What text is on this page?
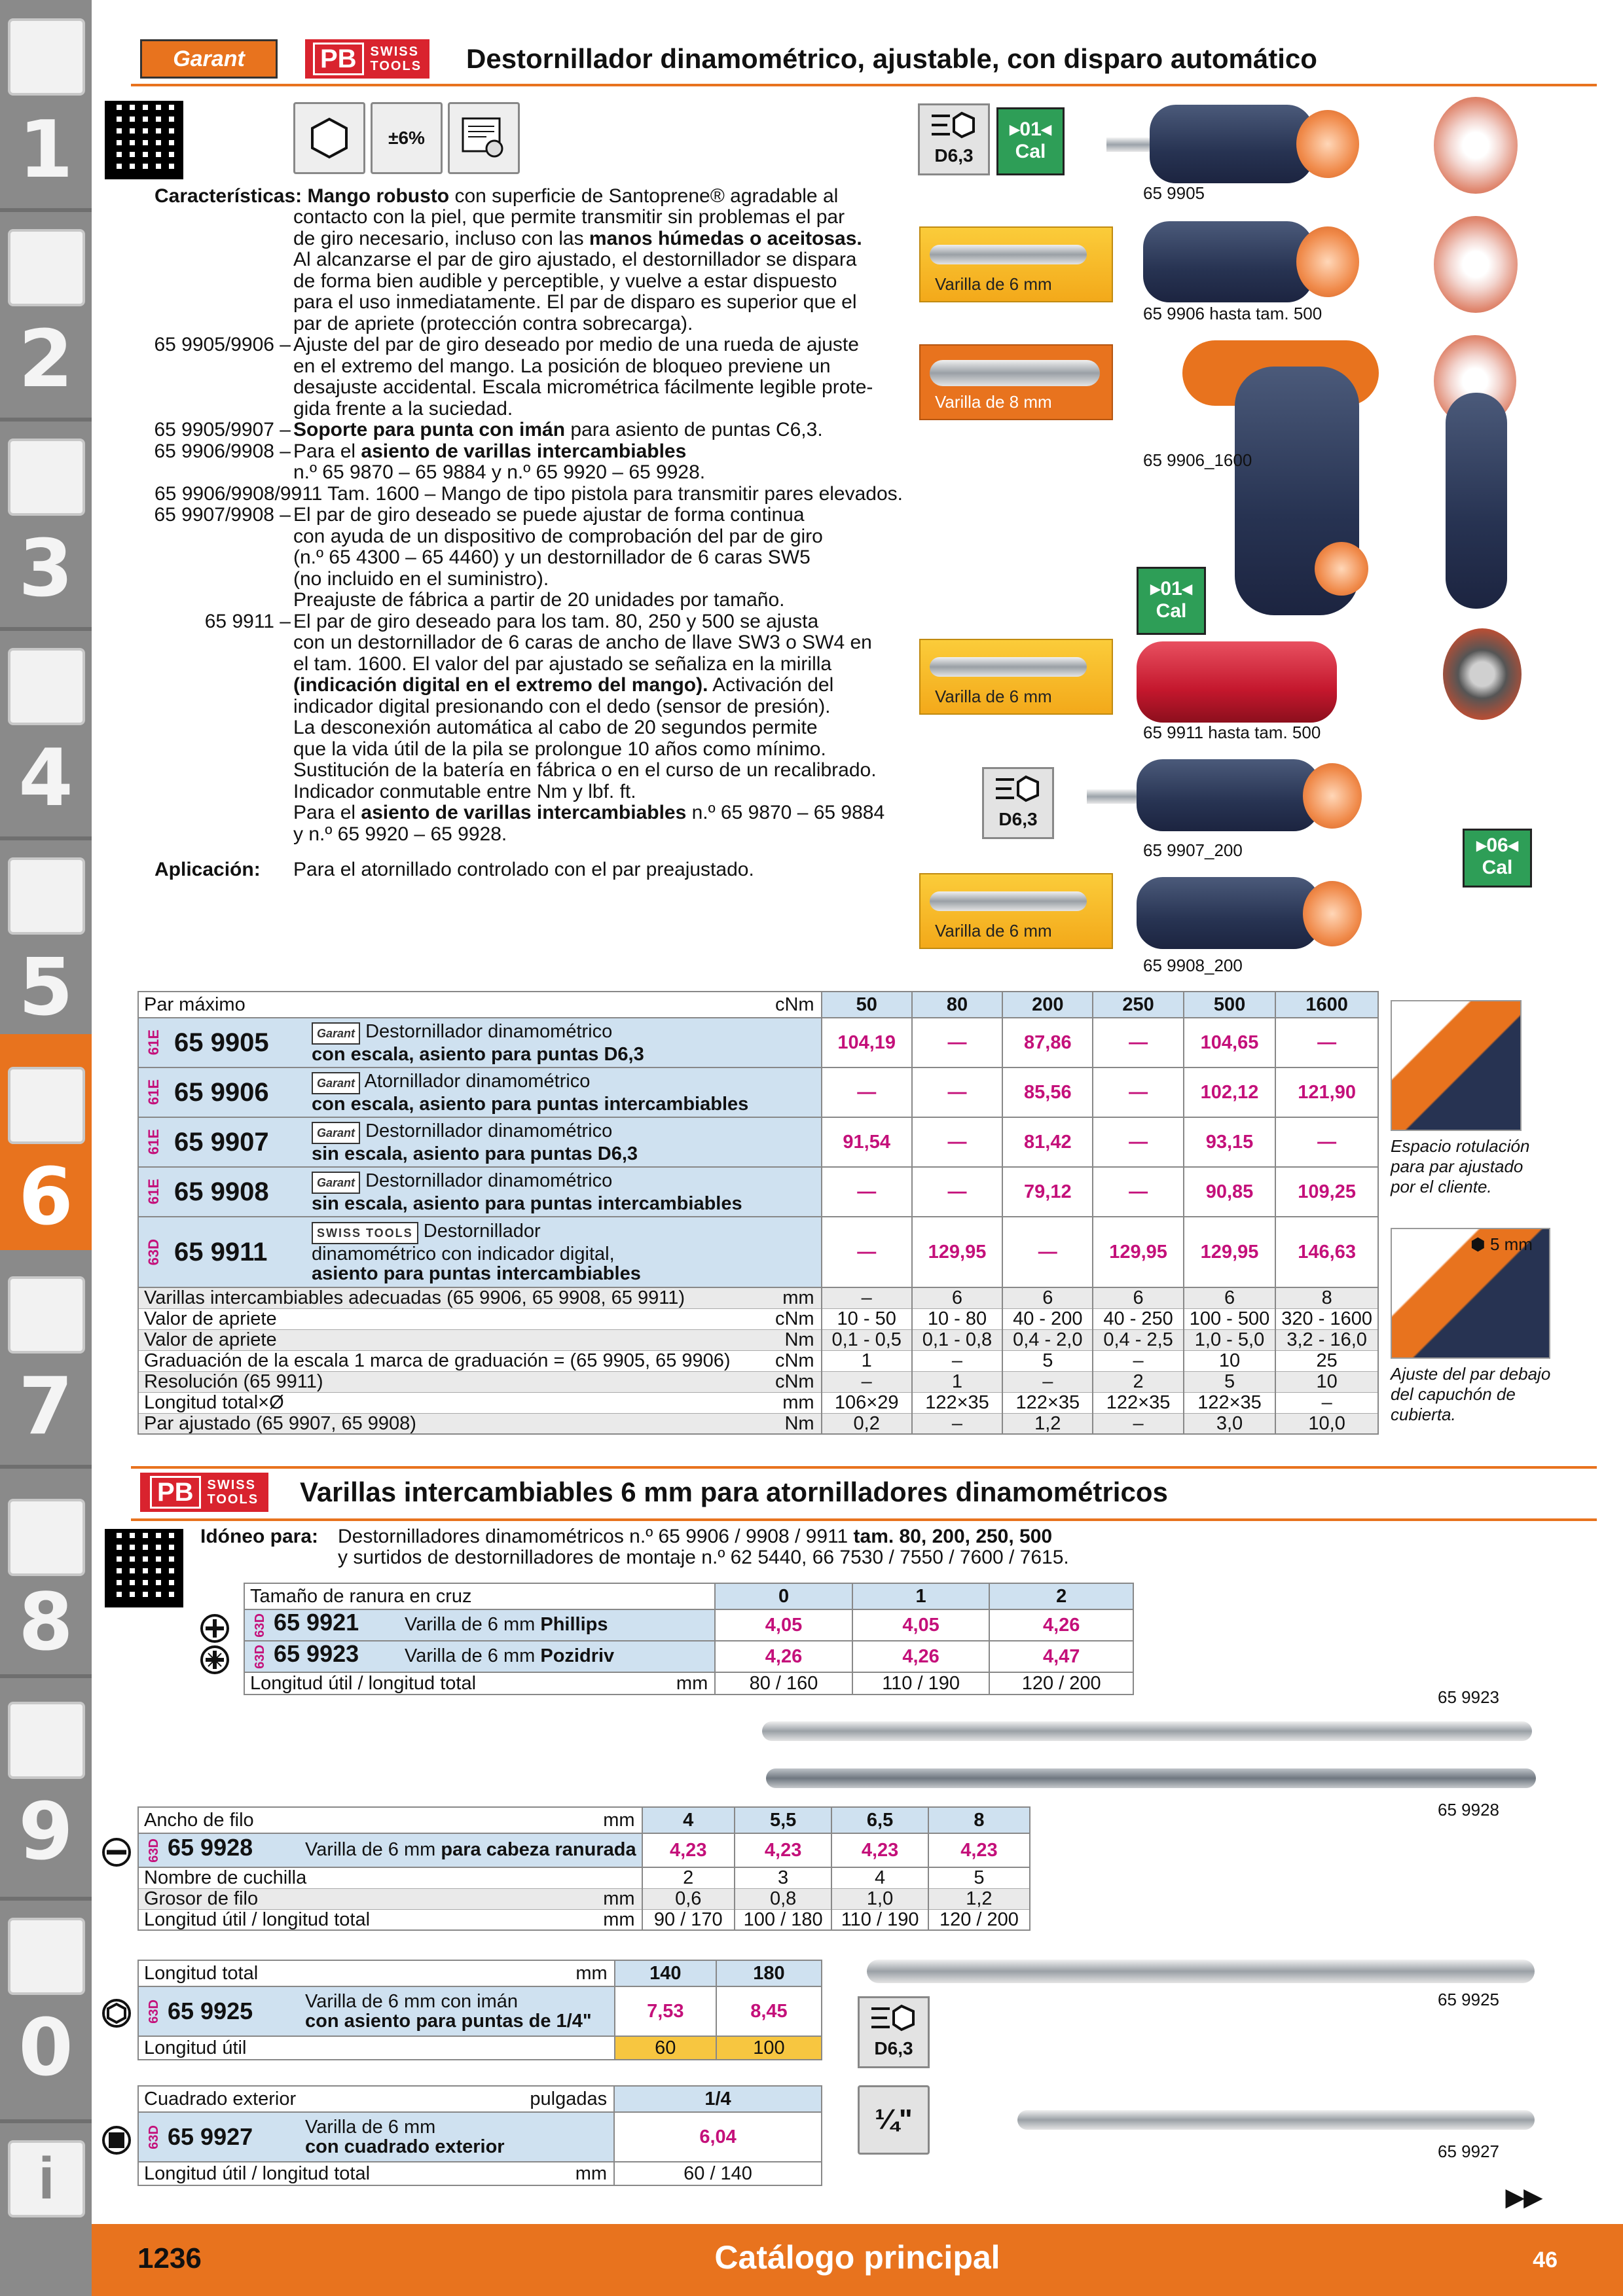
1
2
3
4
5
6
7
8
9
0
i
Garant	PB	SWISS
TOOLS Destornillador dinamométrico, ajustable, con disparo automático
±6%
Características: Mango robusto con superficie de Santoprene® agradable al
contacto con la piel, que permite transmitir sin problemas el par
de giro necesario, incluso con las manos húmedas o aceitosas.
Al alcanzarse el par de giro ajustado, el destornillador se dispara
de forma bien audible y perceptible, y vuelve a estar dispuesto
para el uso inmediatamente. El par de disparo es superior que el
par de apriete (protección contra sobrecarga).
65 9905/9906 – Ajuste del par de giro deseado por medio de una rueda de ajuste
en el extremo del mango. La posición de bloqueo previene un
desajuste accidental. Escala micrométrica fácilmente legible prote-
gida frente a la suciedad.
65 9905/9907 – Soporte para punta con imán para asiento de puntas C6,3.
65 9906/9908 – Para el asiento de varillas intercambiables
n.º 65 9870 – 65 9884 y n.º 65 9920 – 65 9928.
65 9906/9908/9911 Tam. 1600 – Mango de tipo pistola para transmitir pares elevados.
65 9907/9908 – El par de giro deseado se puede ajustar de forma continua
con ayuda de un dispositivo de comprobación del par de giro
(n.º 65 4300 – 65 4460) y un destornillador de 6 caras SW5
(no incluido en el suministro).
Preajuste de fábrica a partir de 20 unidades por tamaño.
65 9911 – El par de giro deseado para los tam. 80, 250 y 500 se ajusta
con un destornillador de 6 caras de ancho de llave SW3 o SW4 en
el tam. 1600. El valor del par ajustado se señaliza en la mirilla
(indicación digital en el extremo del mango). Activación del
indicador digital presionando con el dedo (sensor de presión).
La desconexión automática al cabo de 20 segundos permite
que la vida útil de la pila se prolongue 10 años como mínimo.
Sustitución de la batería en fábrica o en el curso de un recalibrado.
Indicador conmutable entre Nm y lbf. ft.
Para el asiento de varillas intercambiables n.º 65 9870 – 65 9884
y n.º 65 9920 – 65 9928.
Aplicación: Para el atornillado controlado con el par preajustado.
D6,3
▸01◂
Cal
65 9905
Varilla de 6 mm
65 9906 hasta tam. 500
Varilla de 8 mm
65 9906_1600
▸01◂
Cal
Varilla de 6 mm
65 9911 hasta tam. 500
D6,3
65 9907_200	▸06◂
Cal
Varilla de 6 mm
65 9908_200
Par máximo cNm	50	80	200	250	500	1600

61E 65 9905 Garant Destornillador dinamométrico
con escala, asiento para puntas D6,3	104,19	—	87,86	—	104,65	—

61E 65 9906 Garant Atornillador dinamométrico
con escala, asiento para puntas intercambiables	—	—	85,56	—	102,12	121,90

61E 65 9907 Garant Destornillador dinamométrico
sin escala, asiento para puntas D6,3	91,54	—	81,42	—	93,15	—

61E 65 9908 Garant Destornillador dinamométrico
sin escala, asiento para puntas intercambiables	—	—	79,12	—	90,85	109,25

63D 65 9911
SWISS TOOLS Destornillador
dinamométrico con indicador digital,
asiento para puntas intercambiables	—	129,95	—	129,95	129,95	146,63
Varillas intercambiables adecuadas (65 9906, 65 9908, 65 9911) mm	–	6	6	6	6	8
Valor de apriete cNm	10 - 50	10 - 80	40 - 200	40 - 250	100 - 500	320 - 1600
Valor de apriete Nm	0,1 - 0,5	0,1 - 0,8	0,4 - 2,0	0,4 - 2,5	1,0 - 5,0	3,2 - 16,0
Graduación de la escala 1 marca de graduación = (65 9905, 65 9906) cNm	1	–	5	–	10	25
Resolución (65 9911) cNm	–	1	–	2	5	10
Longitud total×Ø mm	106×29	122×35	122×35	122×35	122×35	–
Par ajustado (65 9907, 65 9908) Nm	0,2	–	1,2	–	3,0	10,0
Espacio rotulación
para par ajustado
por el cliente.
⬢ 5 mm
Ajuste del par debajo
del capuchón de
cubierta.
PB	SWISS
TOOLS Varillas intercambiables 6 mm para atornilladores dinamométricos
Idóneo para: Destornilladores dinamométricos n.º 65 9906 / 9908 / 9911 tam. 80, 200, 250, 500
y surtidos de destornilladores de montaje n.º 62 5440, 66 7530 / 7550 / 7600 / 7615.
Tamaño de ranura en cruz	0	1	2
63D 65 9921 Varilla de 6 mm Phillips	4,05	4,05	4,26
63D 65 9923 Varilla de 6 mm Pozidriv	4,26	4,26	4,47
Longitud útil / longitud total mm	80 / 160	110 / 190	120 / 200
65 9923
65 9928
Ancho de filo mm	4	5,5	6,5	8
63D 65 9928 Varilla de 6 mm para cabeza ranurada	4,23	4,23	4,23	4,23
Nombre de cuchilla	2	3	4	5
Grosor de filo mm	0,6	0,8	1,0	1,2
Longitud útil / longitud total mm	90 / 170	100 / 180	110 / 190	120 / 200
Longitud total mm	140	180

63D 65 9925 Varilla de 6 mm con imán
con asiento para puntas de 1/4"	7,53	8,45
Longitud útil	60	100	D6,3
65 9925
Cuadrado exterior pulgadas	1/4

63D 65 9927 Varilla de 6 mm
con cuadrado exterior	6,04
Longitud útil / longitud total mm	60 / 140
¼"
65 9927
▶▶
1236	Catálogo principal	46
